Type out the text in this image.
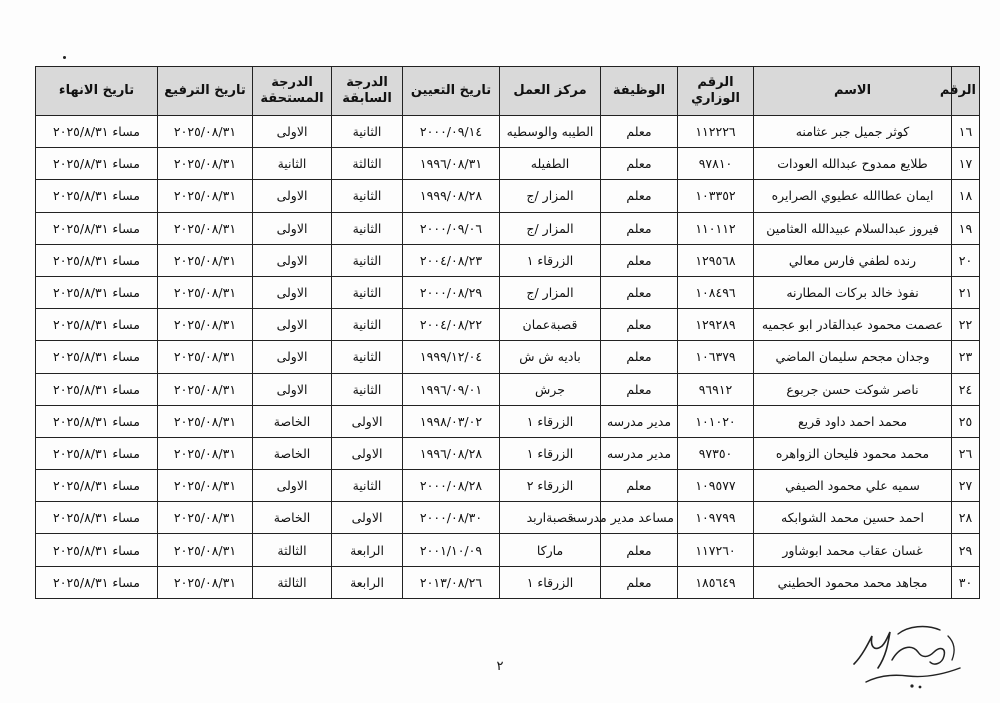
الرقم	الاسم	الرقم الوزاري	الوظيفة	مركز العمل	تاريخ التعيين	الدرجة السابقة	الدرجة المستحقة	تاريخ الترفيع	تاريخ الانهاء
١٦	كوثر جميل جبر عثامنه	١١٢٢٢٦	معلم	الطيبه والوسطيه	٢٠٠٠/٠٩/١٤	الثانية	الاولى	٢٠٢٥/٠٨/٣١	مساء ٢٠٢٥/٨/٣١
١٧	طلايع ممدوح عبدالله العودات	٩٧٨١٠	معلم	الطفيله	١٩٩٦/٠٨/٣١	الثالثة	الثانية	٢٠٢٥/٠٨/٣١	مساء ٢٠٢٥/٨/٣١
١٨	ايمان عطاالله عطيوي الصرايره	١٠٣٣٥٢	معلم	المزار /ج	١٩٩٩/٠٨/٢٨	الثانية	الاولى	٢٠٢٥/٠٨/٣١	مساء ٢٠٢٥/٨/٣١
١٩	فيروز عبدالسلام عبيدالله العثامين	١١٠١١٢	معلم	المزار /ج	٢٠٠٠/٠٩/٠٦	الثانية	الاولى	٢٠٢٥/٠٨/٣١	مساء ٢٠٢٥/٨/٣١
٢٠	رنده لطفي فارس معالي	١٢٩٥٦٨	معلم	الزرقاء ١	٢٠٠٤/٠٨/٢٣	الثانية	الاولى	٢٠٢٥/٠٨/٣١	مساء ٢٠٢٥/٨/٣١
٢١	نفوذ خالد بركات المطارنه	١٠٨٤٩٦	معلم	المزار /ج	٢٠٠٠/٠٨/٢٩	الثانية	الاولى	٢٠٢٥/٠٨/٣١	مساء ٢٠٢٥/٨/٣١
٢٢	عصمت محمود عبدالقادر ابو عجميه	١٢٩٢٨٩	معلم	قصبةعمان	٢٠٠٤/٠٨/٢٢	الثانية	الاولى	٢٠٢٥/٠٨/٣١	مساء ٢٠٢٥/٨/٣١
٢٣	وجدان مجحم سليمان الماضي	١٠٦٣٧٩	معلم	باديه ش ش	١٩٩٩/١٢/٠٤	الثانية	الاولى	٢٠٢٥/٠٨/٣١	مساء ٢٠٢٥/٨/٣١
٢٤	ناصر شوكت حسن جربوع	٩٦٩١٢	معلم	جرش	١٩٩٦/٠٩/٠١	الثانية	الاولى	٢٠٢٥/٠٨/٣١	مساء ٢٠٢٥/٨/٣١
٢٥	محمد احمد داود قريع	١٠١٠٢٠	مدير مدرسه	الزرقاء ١	١٩٩٨/٠٣/٠٢	الاولى	الخاصة	٢٠٢٥/٠٨/٣١	مساء ٢٠٢٥/٨/٣١
٢٦	محمد محمود فليحان الزواهره	٩٧٣٥٠	مدير مدرسه	الزرقاء ١	١٩٩٦/٠٨/٢٨	الاولى	الخاصة	٢٠٢٥/٠٨/٣١	مساء ٢٠٢٥/٨/٣١
٢٧	سميه علي محمود الصيفي	١٠٩٥٧٧	معلم	الزرقاء ٢	٢٠٠٠/٠٨/٢٨	الثانية	الاولى	٢٠٢٥/٠٨/٣١	مساء ٢٠٢٥/٨/٣١
٢٨	احمد حسين محمد الشوابكه	١٠٩٧٩٩	مساعد مدير مدرسه	قصبةاربد	٢٠٠٠/٠٨/٣٠	الاولى	الخاصة	٢٠٢٥/٠٨/٣١	مساء ٢٠٢٥/٨/٣١
٢٩	غسان عقاب محمد ابوشاور	١١٧٢٦٠	معلم	ماركا	٢٠٠١/١٠/٠٩	الرابعة	الثالثة	٢٠٢٥/٠٨/٣١	مساء ٢٠٢٥/٨/٣١
٣٠	مجاهد محمد محمود الحطيني	١٨٥٦٤٩	معلم	الزرقاء ١	٢٠١٣/٠٨/٢٦	الرابعة	الثالثة	٢٠٢٥/٠٨/٣١	مساء ٢٠٢٥/٨/٣١
٢
